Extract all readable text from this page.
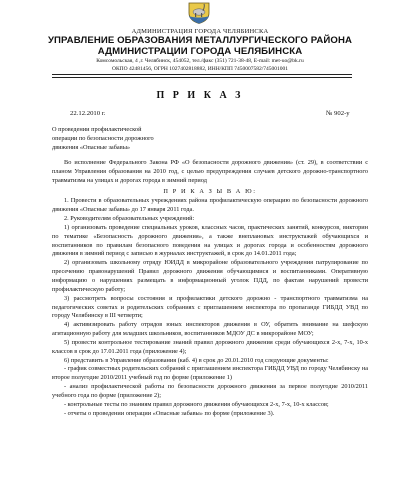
АДМИНИСТРАЦИЯ ГОРОДА ЧЕЛЯБИНСКА
УПРАВЛЕНИЕ ОБРАЗОВАНИЯ МЕТАЛЛУРГИЧЕСКОГО РАЙОНА
АДМИНИСТРАЦИИ ГОРОДА ЧЕЛЯБИНСКА
Комсомольская, 4 ,г. Челябинск, 454052, тел./факс (351) 721-38-48, E-mail: met-uo@bk.ru
ОКПО 42481456, ОГРН 1027402818882, ИНН/КПП 7450007582/745001001
П Р И К А З
22.12.2010 г.	№ 902-у
О проведении профилактической
операции по безопасности дорожного
движения «Опасные забавы»

Во исполнение Федерального Закона РФ «О безопасности дорожного движения» (ст. 29), в соответствии с планом Управления образования на 2010 год, с целью предупреждения случаев детского дорожно-транспортного травматизма на улицах и дорогах города в зимний период

П Р И К А З Ы В А Ю:

1. Провести в образовательных учреждениях района профилактическую операцию по безопасности дорожного движения «Опасные забавы» до 17 января 2011 года.

2. Руководителям образовательных учреждений:

1) организовать проведение специальных уроков, классных часов, практических занятий, конкурсов, викторин по тематике «Безопасность дорожного движения», а также внеплановых инструктажей обучающихся и воспитанников по правилам безопасного поведения на улицах и дорогах города и особенностям дорожного движения в зимний период с записью в журналах инструктажей, в срок до 14.01.2011 года;

2) организовать школьному отряду ЮИДД в микрорайоне образовательного учреждения патрулирование по пресечению правонарушений Правил дорожного движения обучающимися и воспитанниками. Оперативную информацию о нарушениях размещать в информационный уголок ПДД, по фактам нарушений провести профилактическую работу;

3) рассмотреть вопросы состояния и профилактики детского дорожно - транспортного травматизма на педагогических советах и родительских собраниях с приглашением инспектора по пропаганде ГИБДД УВД по городу Челябинску в III четверти;

4) активизировать работу отрядов юных инспекторов движения в ОУ, обратить внимание на шефскую агитационную работу для младших школьников, воспитанников МДОУ ДС в микрорайоне МОУ;

5) провести контрольное тестирование знаний правил дорожного движения среди обучающихся 2-х, 7-х, 10-х классов в срок до 17.01.2011 года (приложение 4);

6) представить в Управление образования (каб. 4) в срок до 20.01.2010 год следующие документы:

- график совместных родительских собраний с приглашением инспектора ГИБДД УВД по городу Челябинску на второе полугодие 2010/2011 учебный год по форме (приложение 1)

- анализ профилактической работы по безопасности дорожного движения за первое полугодие 2010/2011 учебного года по форме (приложение 2);

- контрольные тесты по знаниям правил дорожного движения обучающихся 2-х, 7-х, 10-х классов;

- отчеты о проведении операции «Опасные забавы» по форме (приложение 3).
